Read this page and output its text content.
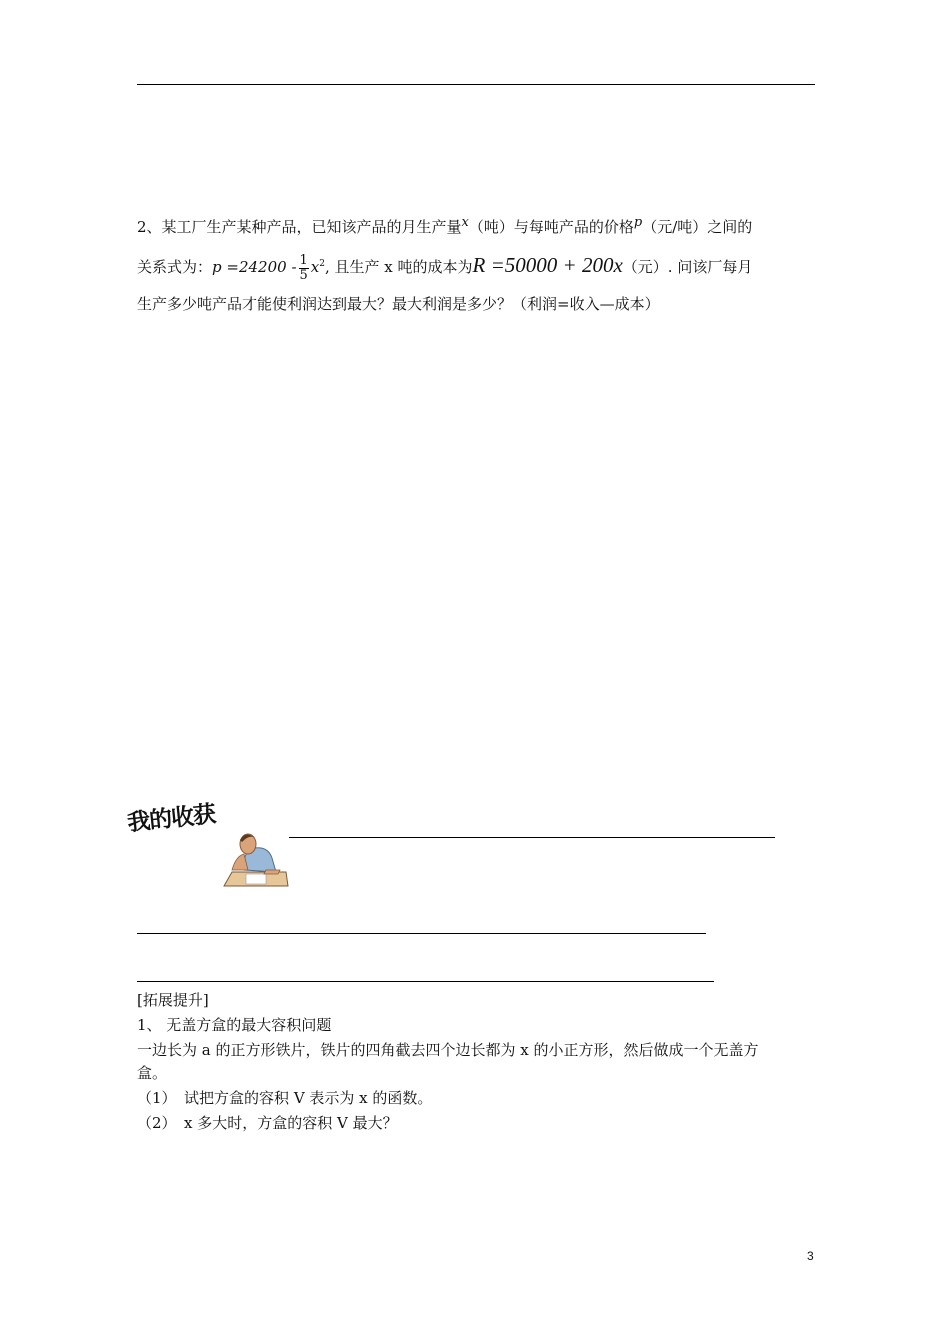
2、某工厂生产某种产品，已知该产品的月生产量$^x$（吨）与每吨产品的价格$^p$（元/吨）之间的
关系式为：$p =24200 - \frac{1}{5} x^2$, 且生产 x 吨的成本为R =50000 + 200x（元）. 问该厂每月
生产多少吨产品才能使利润达到最大？最大利润是多少？（利润=收入—成本）
我的收获
[拓展提升]
1、 无盖方盒的最大容积问题
一边长为 a 的正方形铁片，铁片的四角截去四个边长都为 x 的小正方形，然后做成一个无盖方
盒。
（1）　试把方盒的容积 V 表示为 x 的函数。
（2）　x 多大时，方盒的容积 V 最大？
3
